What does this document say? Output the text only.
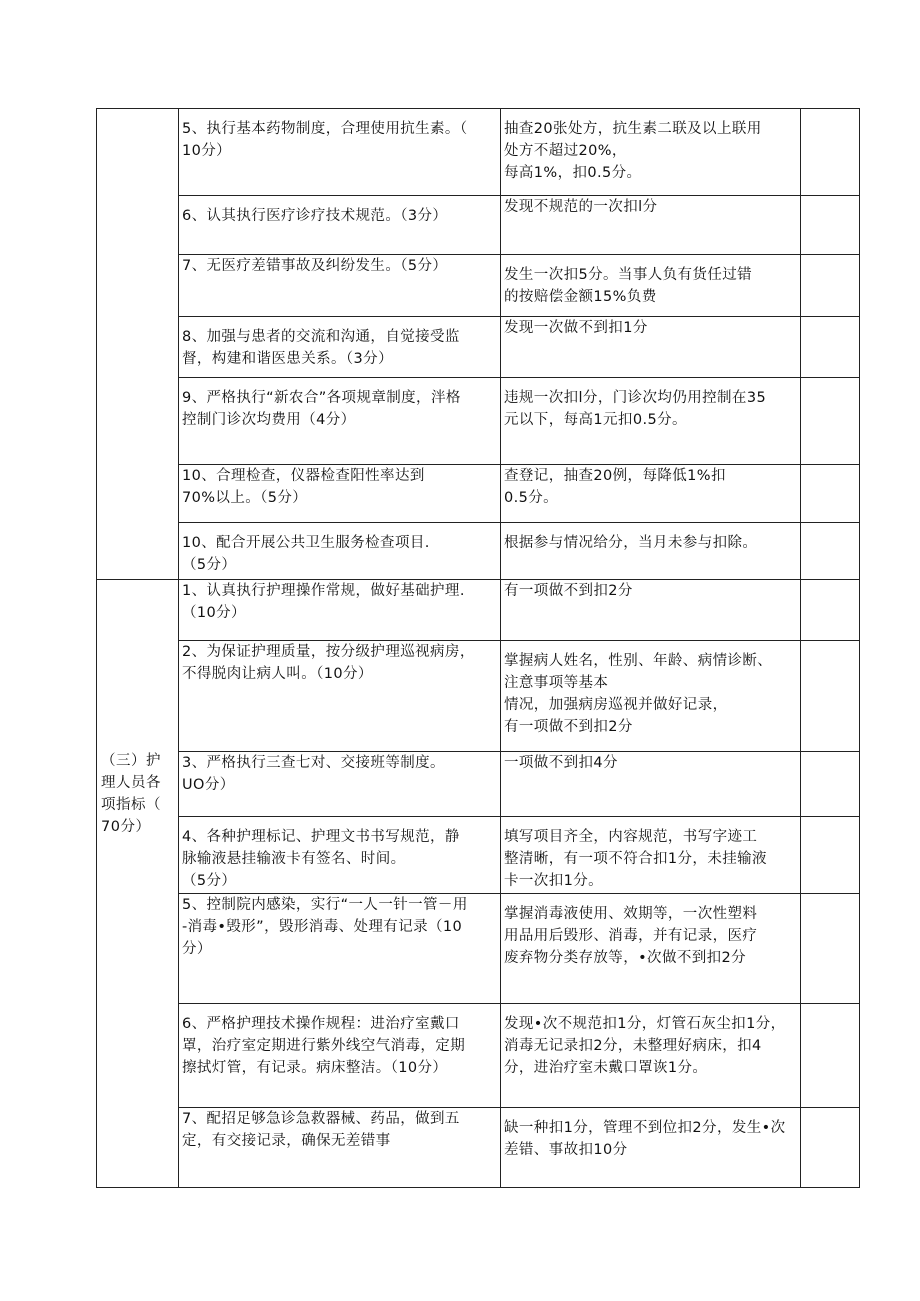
	5、执行基本药物制度，合理使用抗生素。（
10分）	抽查20张处方，抗生素二联及以上联用
处方不超过20%，
每高1%，扣0.5分。	

	6、认其执行医疗诊疗技术规范。（3分）	发现不规范的一次扣l分	

	7、无医疗差错事故及纠纷发生。（5分）	发生一次扣5分。当事人负有货任过错
的按赔偿金额15%负费	

	8、加强与患者的交流和沟通，自觉接受监
督，构建和谐医患关系。（3分）	发现一次做不到扣1分	

	9、严格执行“新农合”各项规章制度，泮格
控制门诊次均费用（4分）	违规一次扣l分，门诊次均仍用控制在35
元以下，每高1元扣0.5分。	

	10、合理检查，仪器检查阳性率达到
70%以上。（5分）	查登记，抽查20例，每降低1%扣
0.5分。	

	10、配合开展公共卫生服务检查项目.
（5分）	根据参与情况给分，当月未参与扣除。	

（三）护
理人员各
项指标（
70分）	1、认真执行护理操作常规，做好基础护理.
（10分）	有一项做不到扣2分	

	2、为保证护理质量，按分级护理巡视病房，
不得脱肉让病人叫。（10分）	掌握病人姓名，性别、年龄、病情诊断、
注意事项等基本
情况，加强病房巡视并做好记录，
有一项做不到扣2分	

	3、严格执行三查七对、交接班等制度。
UO分）	一项做不到扣4分	

	4、各种护理标记、护理文书书写规范，静
脉输液悬挂输液卡有签名、时间。
（5分）	填写项目齐全，内容规范，书写字迹工
整清晰，有一项不符合扣1分，未挂输液
卡一次扣1分。	

	5、控制院内感染，实行“一人一针一管－用
-消毒•毁形”，毁形消毒、处理有记录（10
分）	掌握消毒液使用、效期等，一次性塑料
用品用后毁形、消毒，并有记录，医疗
废弃物分类存放等，•次做不到扣2分	

	6、严格护理技术操作规程：进治疗室戴口
罩，治疗室定期进行紫外线空气消毒，定期
擦拭灯管，有记录。病床整洁。（10分）	发现•次不规范扣1分，灯管石灰尘扣1分，
消毒无记录扣2分，未整理好病床，扣4
分，进治疗室未戴口罩诙1分。	

	7、配招足够急诊急救器械、药品，做到五
定，有交接记录，确保无差错事	缺一种扣1分，管理不到位扣2分，发生•次
差错、事故扣10分	
